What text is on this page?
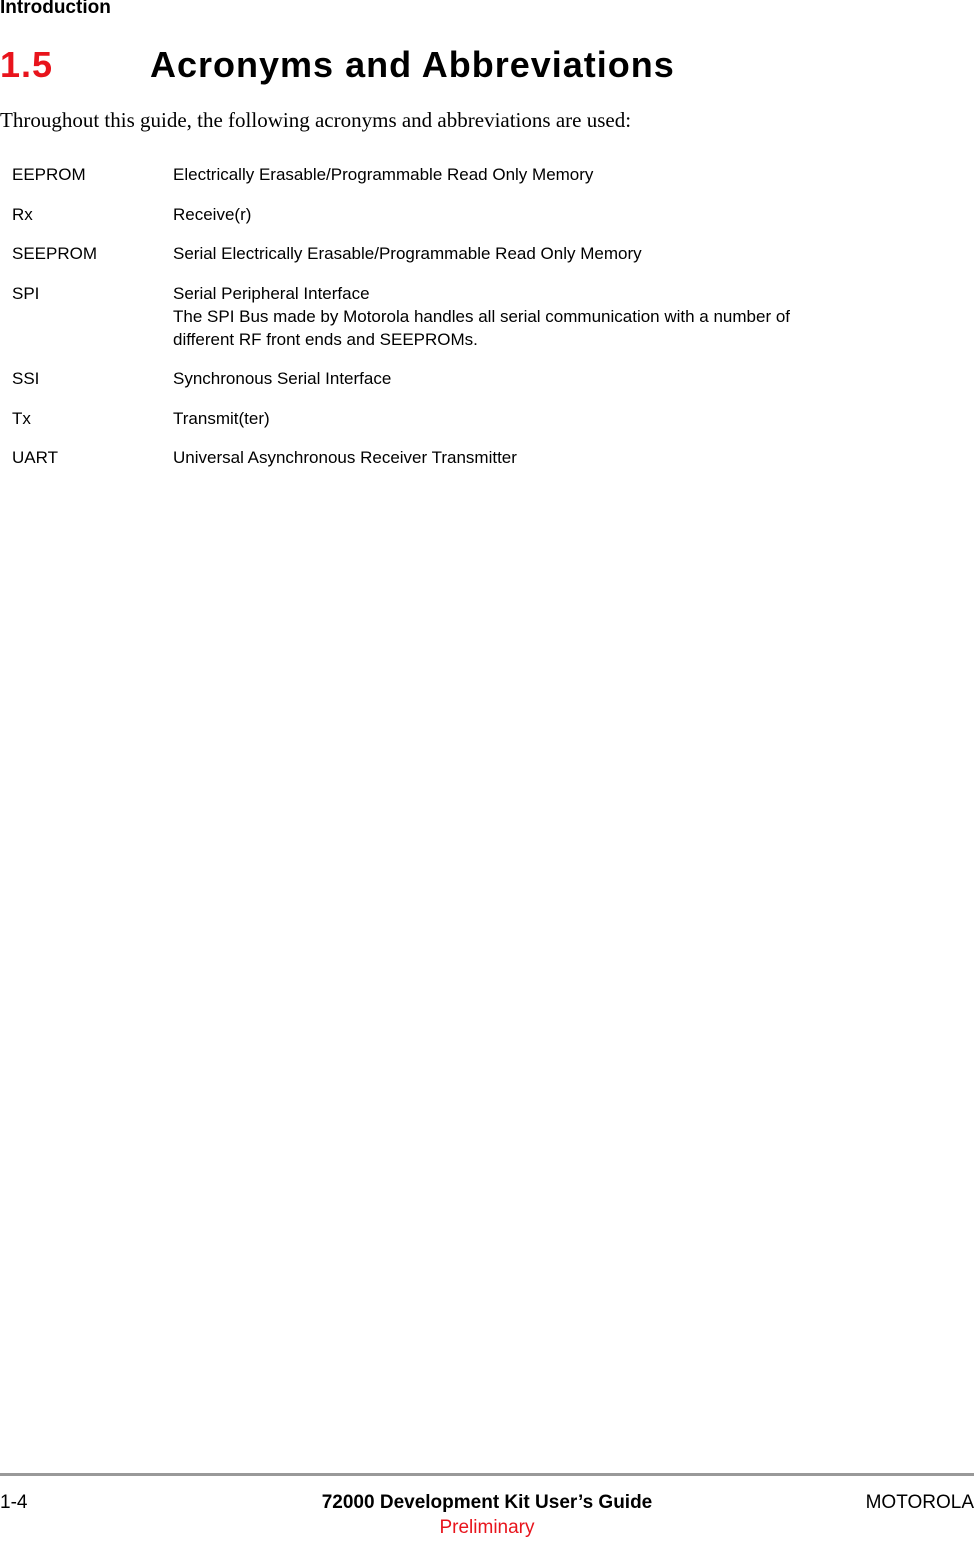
Introduction
1.5	Acronyms and Abbreviations

Throughout this guide, the following acronyms and abbreviations are used:

EEPROM	Electrically Erasable/Programmable Read Only Memory
Rx	Receive(r)
SEEPROM	Serial Electrically Erasable/Programmable Read Only Memory
SPI	Serial Peripheral Interface
The SPI Bus made by Motorola handles all serial communication with a number of
different RF front ends and SEEPROMs.
SSI	Synchronous Serial Interface
Tx	Transmit(ter)
UART	Universal Asynchronous Receiver Transmitter
1-4	72000 Development Kit User’s Guide	MOTOROLA
Preliminary
